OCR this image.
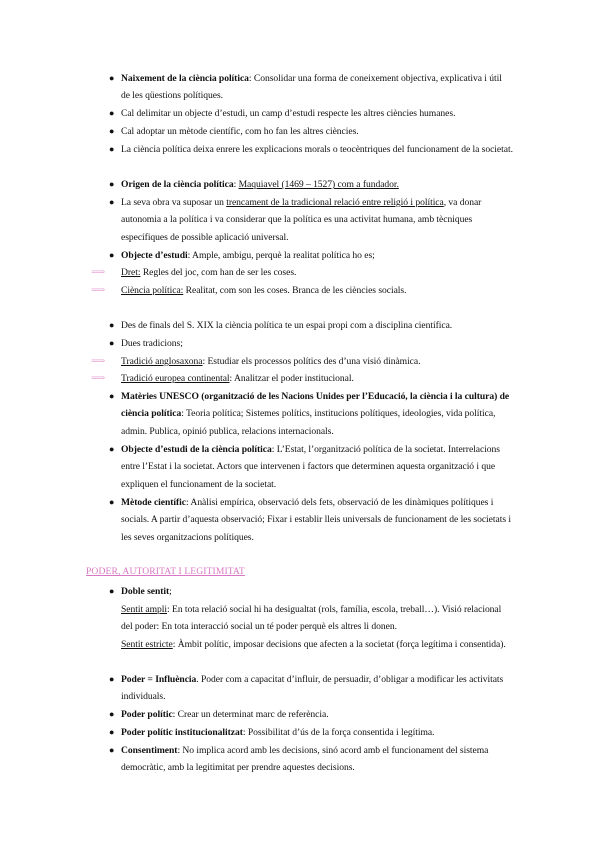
● Naixement de la ciència política: Consolidar una forma de coneixement objectiva, explicativa i útil de les qüestions polítiques.
● Cal delimitar un objecte d’estudi, un camp d’estudi respecte les altres ciències humanes.
● Cal adoptar un mètode científic, com ho fan les altres ciències.
● La ciència política deixa enrere les explicacions morals o teocèntriques del funcionament de la societat.
● Origen de la ciència política: Maquiavel (1469 – 1527) com a fundador.
● La seva obra va suposar un trencament de la tradicional relació entre religió i política, va donar autonomia a la política i va considerar que la política es una activitat humana, amb tècniques específiques de possible aplicació universal.
● Objecte d’estudi: Ample, ambigu, perquè la realitat política ho es;
⟹ Dret: Regles del joc, com han de ser les coses.
⟹ Ciència política: Realitat, com son les coses. Branca de les ciències socials.
● Des de finals del S. XIX la ciència política te un espai propi com a disciplina científica.
● Dues tradicions;
⟹ Tradició anglosaxona: Estudiar els processos polítics des d’una visió dinàmica.
⟹ Tradició europea continental: Analitzar el poder institucional.
● Matèries UNESCO (organització de les Nacions Unides per l’Educació, la ciència i la cultura) de ciència política: Teoria política; Sistemes polítics, institucions polítiques, ideologies, vida política, admin. Publica, opinió publica, relacions internacionals.
● Objecte d’estudi de la ciència política: L’Estat, l’organització política de la societat. Interrelacions entre l’Estat i la societat. Actors que intervenen i factors que determinen aquesta organització i que expliquen el funcionament de la societat.
● Mètode científic: Anàlisi empírica, observació dels fets, observació de les dinàmiques polítiques i socials. A partir d’aquesta observació; Fixar i establir lleis universals de funcionament de les societats i les seves organitzacions polítiques.
PODER, AUTORITAT I LEGITIMITAT
● Doble sentit;
Sentit ampli: En tota relació social hi ha desigualtat (rols, família, escola, treball…). Visió relacional del poder: En tota interacció social un té poder perquè els altres li donen.
Sentit estricte: Àmbit polític, imposar decisions que afecten a la societat (força legítima i consentida).
● Poder = Influència. Poder com a capacitat d’influir, de persuadir, d’obligar a modificar les activitats individuals.
● Poder polític: Crear un determinat marc de referència.
● Poder polític institucionalitzat: Possibilitat d’ús de la força consentida i legítima.
● Consentiment: No implica acord amb les decisions, sinó acord amb el funcionament del sistema democràtic, amb la legitimitat per prendre aquestes decisions.
